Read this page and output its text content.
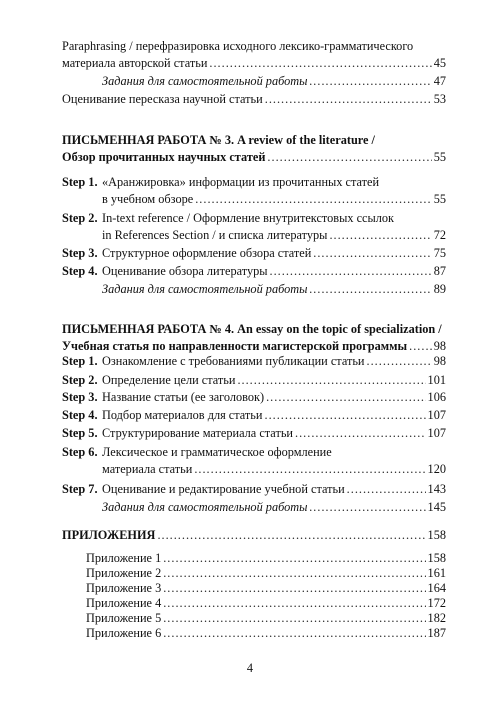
Paraphrasing / перефразировка исходного лексико-грамматического
материала авторской статьи .....	45
Задания для самостоятельной работы .....	47
Оценивание пересказа научной статьи .....	53
ПИСЬМЕННАЯ РАБОТА № 3. A review of the literature /
Обзор прочитанных научных статей .....	55
Step 1. «Аранжировка» информации из прочитанных статей
в учебном обзоре .....	55
Step 2. In-text reference / Оформление внутритекстовых ссылок
in References Section / и списка литературы .....	72
Step 3. Структурное оформление обзора статей .....	75
Step 4. Оценивание обзора литературы .....	87
Задания для самостоятельной работы .....	89
ПИСЬМЕННАЯ РАБОТА № 4. An essay on the topic of specialization /
Учебная статья по направленности магистерской программы ..... 98
Step 1. Ознакомление с требованиями публикации статьи .....	98
Step 2. Определение цели статьи .....	101
Step 3. Название статьи (ее заголовок) .....	106
Step 4. Подбор материалов для статьи .....	107
Step 5. Структурирование материала статьи .....	107
Step 6. Лексическое и грамматическое оформление
материала статьи .....	120
Step 7. Оценивание и редактирование учебной статьи .....	143
Задания для самостоятельной работы .....	145
ПРИЛОЖЕНИЯ .....	158
Приложение 1 .....	158
Приложение 2 .....	161
Приложение 3 .....	164
Приложение 4 .....	172
Приложение 5 .....	182
Приложение 6 .....	187
4
